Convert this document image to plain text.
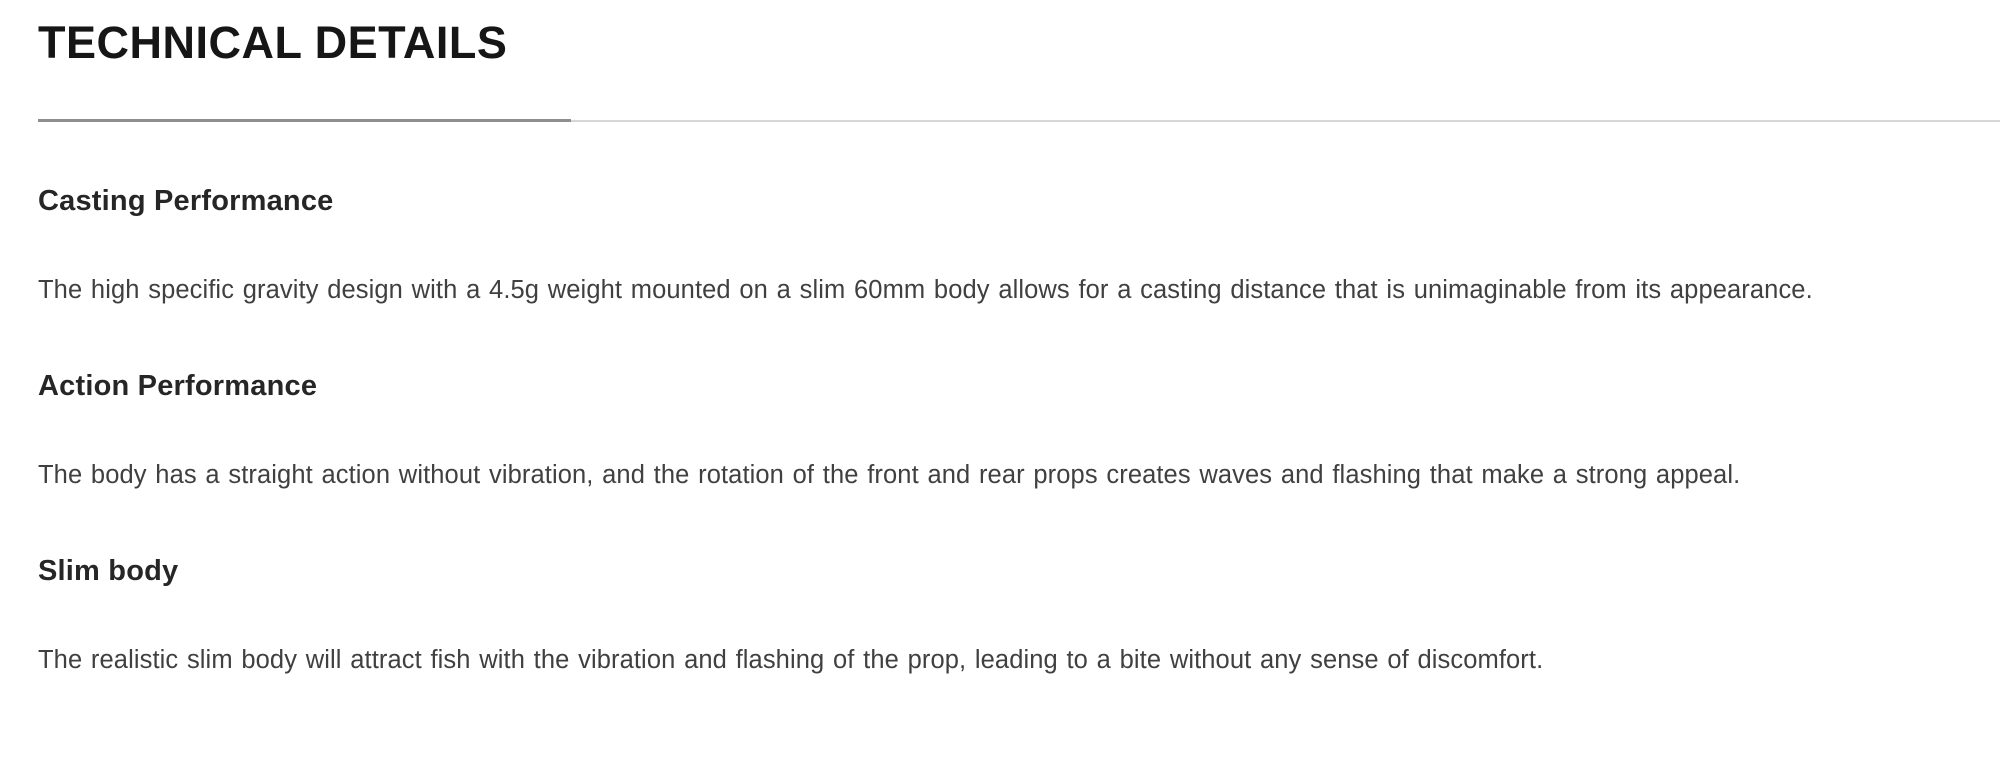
TECHNICAL DETAILS
Casting Performance

The high specific gravity design with a 4.5g weight mounted on a slim 60mm body allows for a casting distance that is unimaginable from its appearance.

Action Performance

The body has a straight action without vibration, and the rotation of the front and rear props creates waves and flashing that make a strong appeal.

Slim body

The realistic slim body will attract fish with the vibration and flashing of the prop, leading to a bite without any sense of discomfort.
